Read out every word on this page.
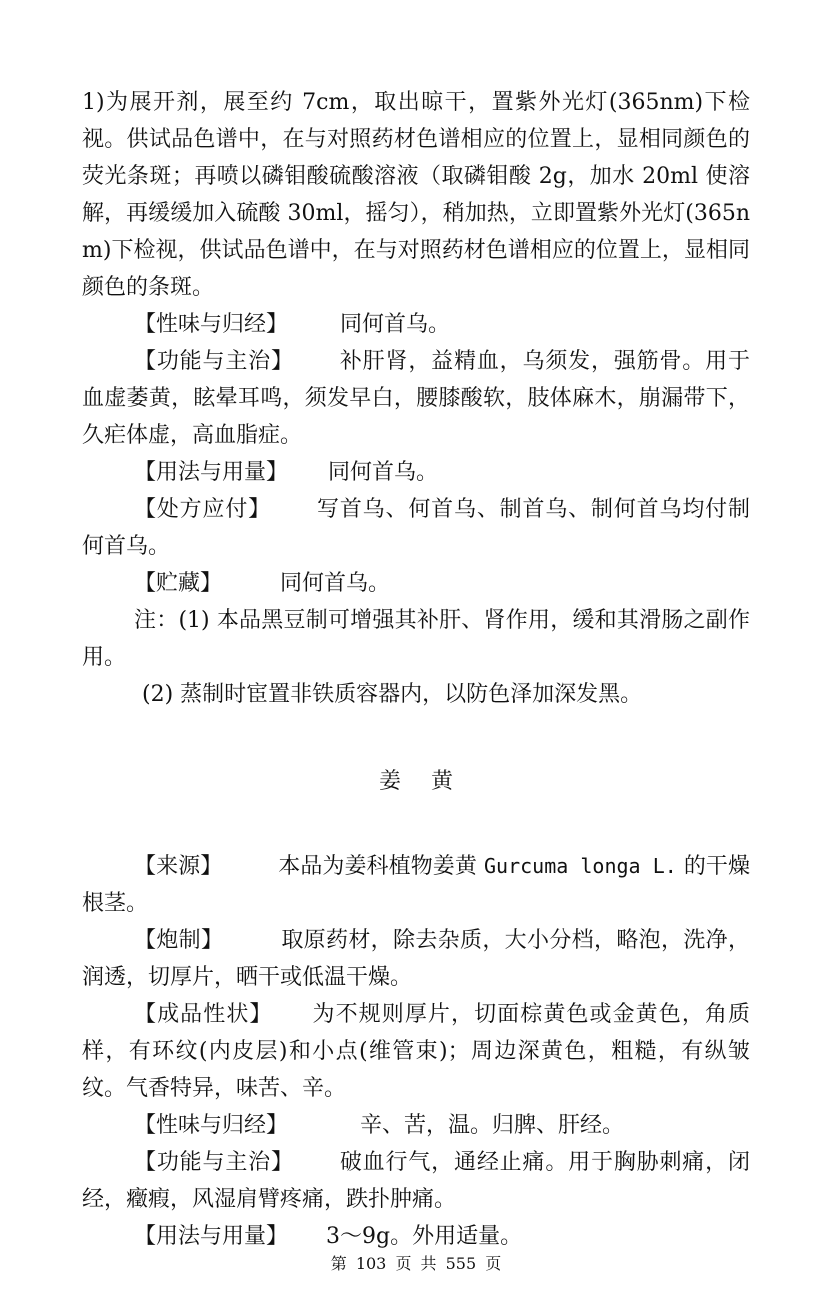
1)为展开剂，展至约 7cm，取出晾干，置紫外光灯(365nm)下检视。供试品色谱中，在与对照药材色谱相应的位置上，显相同颜色的荧光条斑；再喷以磷钼酸硫酸溶液（取磷钼酸 2g，加水 20ml 使溶解，再缓缓加入硫酸 30ml，摇匀），稍加热，立即置紫外光灯(365nm)下检视，供试品色谱中，在与对照药材色谱相应的位置上，显相同颜色的条斑。

【性味与归经】 同何首乌。

【功能与主治】 补肝肾，益精血，乌须发，强筋骨。用于血虚萎黄，眩晕耳鸣，须发早白，腰膝酸软，肢体麻木，崩漏带下，久疟体虚，高血脂症。

【用法与用量】 同何首乌。

【处方应付】 写首乌、何首乌、制首乌、制何首乌均付制何首乌。

【贮藏】	同何首乌。

注：(1) 本品黑豆制可增强其补肝、肾作用，缓和其滑肠之副作用。

(2) 蒸制时宦置非铁质容器内，以防色泽加深发黑。

姜黄

【来源】	本品为姜科植物姜黄 Gurcuma longa L. 的干燥根茎。

【炮制】	取原药材，除去杂质，大小分档，略泡，洗净，润透，切厚片，晒干或低温干燥。

【成品性状】 为不规则厚片，切面棕黄色或金黄色，角质样，有环纹(内皮层)和小点(维管束)；周边深黄色，粗糙，有纵皱纹。气香特异，味苦、辛。

【性味与归经】	辛、苦，温。归脾、肝经。

【功能与主治】 破血行气，通经止痛。用于胸胁刺痛，闭经，癥瘕，风湿肩臂疼痛，跌扑肿痛。

【用法与用量】 3～9g。外用适量。

第 103 页 共 555 页
